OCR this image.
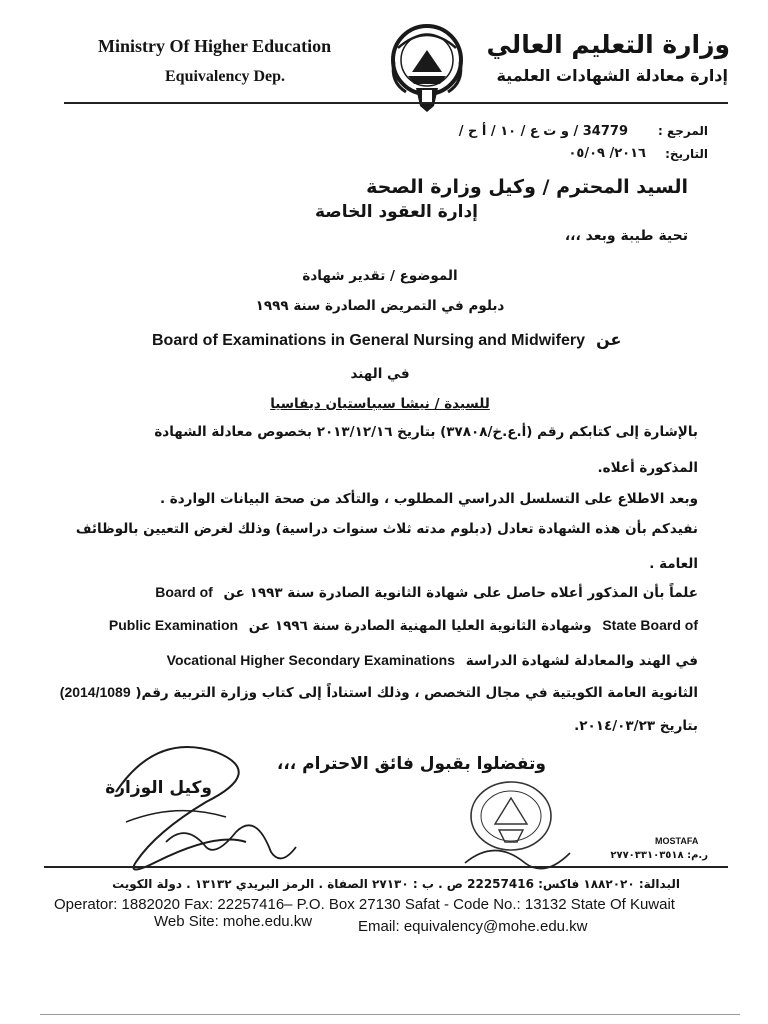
Ministry Of Higher Education
Equivalency Dep.
وزارة التعليم العالي
إدارة معادلة الشهادات العلمية
المرجع :
34779 / و ت ع / ١٠ / أ ح /
التاريخ:
٢٠١٦/ ٠٥/٠٩
السيد المحترم / وكيل وزارة الصحة
إدارة العقود الخاصة
تحية طيبة وبعد ،،،
الموضوع / تقدير شهادة
دبلوم في التمريض الصادرة سنة ١٩٩٩
Board of Examinations in General Nursing and Midwifery عن
في الهند
للسيدة / نيشا سيباستيان ديفاسيا
بالإشارة إلى كتابكم رقم (أ.ع.خ/٣٧٨٠٨) بتاريخ ٢٠١٣/١٢/١٦ بخصوص معادلة الشهادة
المذكورة أعلاه.
وبعد الاطلاع على التسلسل الدراسي المطلوب ، والتأكد من صحة البيانات الواردة .
نفيدكم بأن هذه الشهادة تعادل (دبلوم مدته ثلاث سنوات دراسية) وذلك لغرض التعيين بالوظائف
العامة .
علماً بأن المذكور أعلاه حاصل على شهادة الثانوية الصادرة سنة ١٩٩٣ عن Board of
State Board of وشهادة الثانوية العليا المهنية الصادرة سنة ١٩٩٦ عن Public Examination
في الهند والمعادلة لشهادة الدراسة Vocational Higher Secondary Examinations
الثانوية العامة الكويتية في مجال التخصص ، وذلك استناداً إلى كتاب وزارة التربية رقم( 2014/1089)
بتاريخ ٢٠١٤/٠٣/٢٣.
وتفضلوا بقبول فائق الاحترام ،،،
وكيل الوزارة
MOSTAFA
ر.م: ٢٧٧٠٣٣١٠٣٥١٨
البدالة: ١٨٨٢٠٢٠ فاكس: 22257416 ص . ب : ٢٧١٣٠ الصفاة . الرمز البريدي ١٣١٣٢ . دولة الكويت
Operator: 1882020 Fax: 22257416– P.O. Box 27130 Safat - Code No.: 13132 State Of Kuwait
Web Site: mohe.edu.kw	Email: equivalency@mohe.edu.kw
